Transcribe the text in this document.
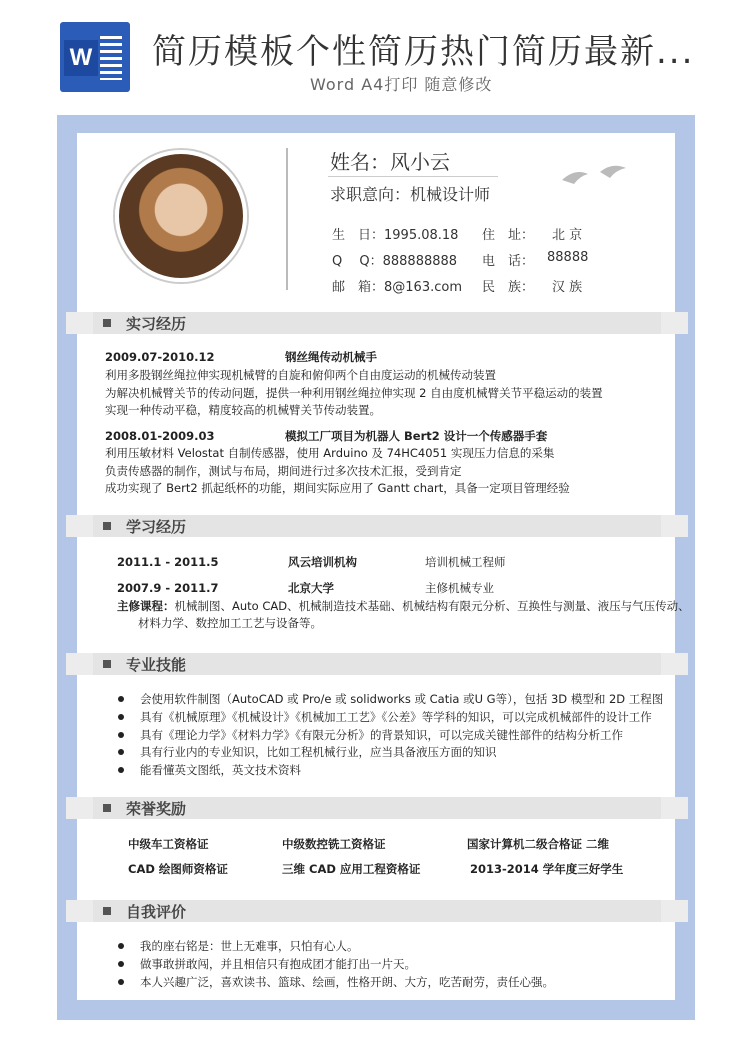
W 简历模板个性简历热门简历最新...
Word A4打印 随意修改
姓名：风小云
求职意向：机械设计师
生　日：1995.08.18 住　址： 北 京
Q　 Q：888888888 电　话： 88888
邮　箱：8@163.com 民　族： 汉 族
实习经历
2009.07-2010.12	钢丝绳传动机械手
利用多股钢丝绳拉伸实现机械臂的自旋和俯仰两个自由度运动的机械传动装置
为解决机械臂关节的传动问题，提供一种利用钢丝绳拉伸实现 2 自由度机械臂关节平稳运动的装置
实现一种传动平稳，精度较高的机械臂关节传动装置。
2008.01-2009.03	模拟工厂项目为机器人 Bert2 设计一个传感器手套
利用压敏材料 Velostat 自制传感器，使用 Arduino 及 74HC4051 实现压力信息的采集
负责传感器的制作，测试与布局，期间进行过多次技术汇报，受到肯定
成功实现了 Bert2 抓起纸杯的功能，期间实际应用了 Gantt chart，具备一定项目管理经验
学习经历
2011.1 - 2011.5	风云培训机构	培训机械工程师
2007.9 - 2011.7	北京大学	主修机械专业
主修课程：机械制图、Auto CAD、机械制造技术基础、机械结构有限元分析、互换性与测量、液压与气压传动、
材料力学、数控加工工艺与设备等。
专业技能
会使用软件制图（AutoCAD 或 Pro/e 或 solidworks 或 Catia 或U G等），包括 3D 模型和 2D 工程图
具有《机械原理》《机械设计》《机械加工工艺》《公差》等学科的知识，可以完成机械部件的设计工作
具有《理论力学》《材料力学》《有限元分析》的背景知识，可以完成关键性部件的结构分析工作
具有行业内的专业知识，比如工程机械行业，应当具备液压方面的知识
能看懂英文图纸，英文技术资料
荣誉奖励
中级车工资格证	中级数控铣工资格证	国家计算机二级合格证 二维
CAD 绘图师资格证	三维 CAD 应用工程资格证	2013-2014 学年度三好学生
自我评价
我的座右铭是：世上无难事，只怕有心人。
做事敢拼敢闯，并且相信只有抱成团才能打出一片天。
本人兴趣广泛，喜欢读书、篮球、绘画，性格开朗、大方，吃苦耐劳，责任心强。
